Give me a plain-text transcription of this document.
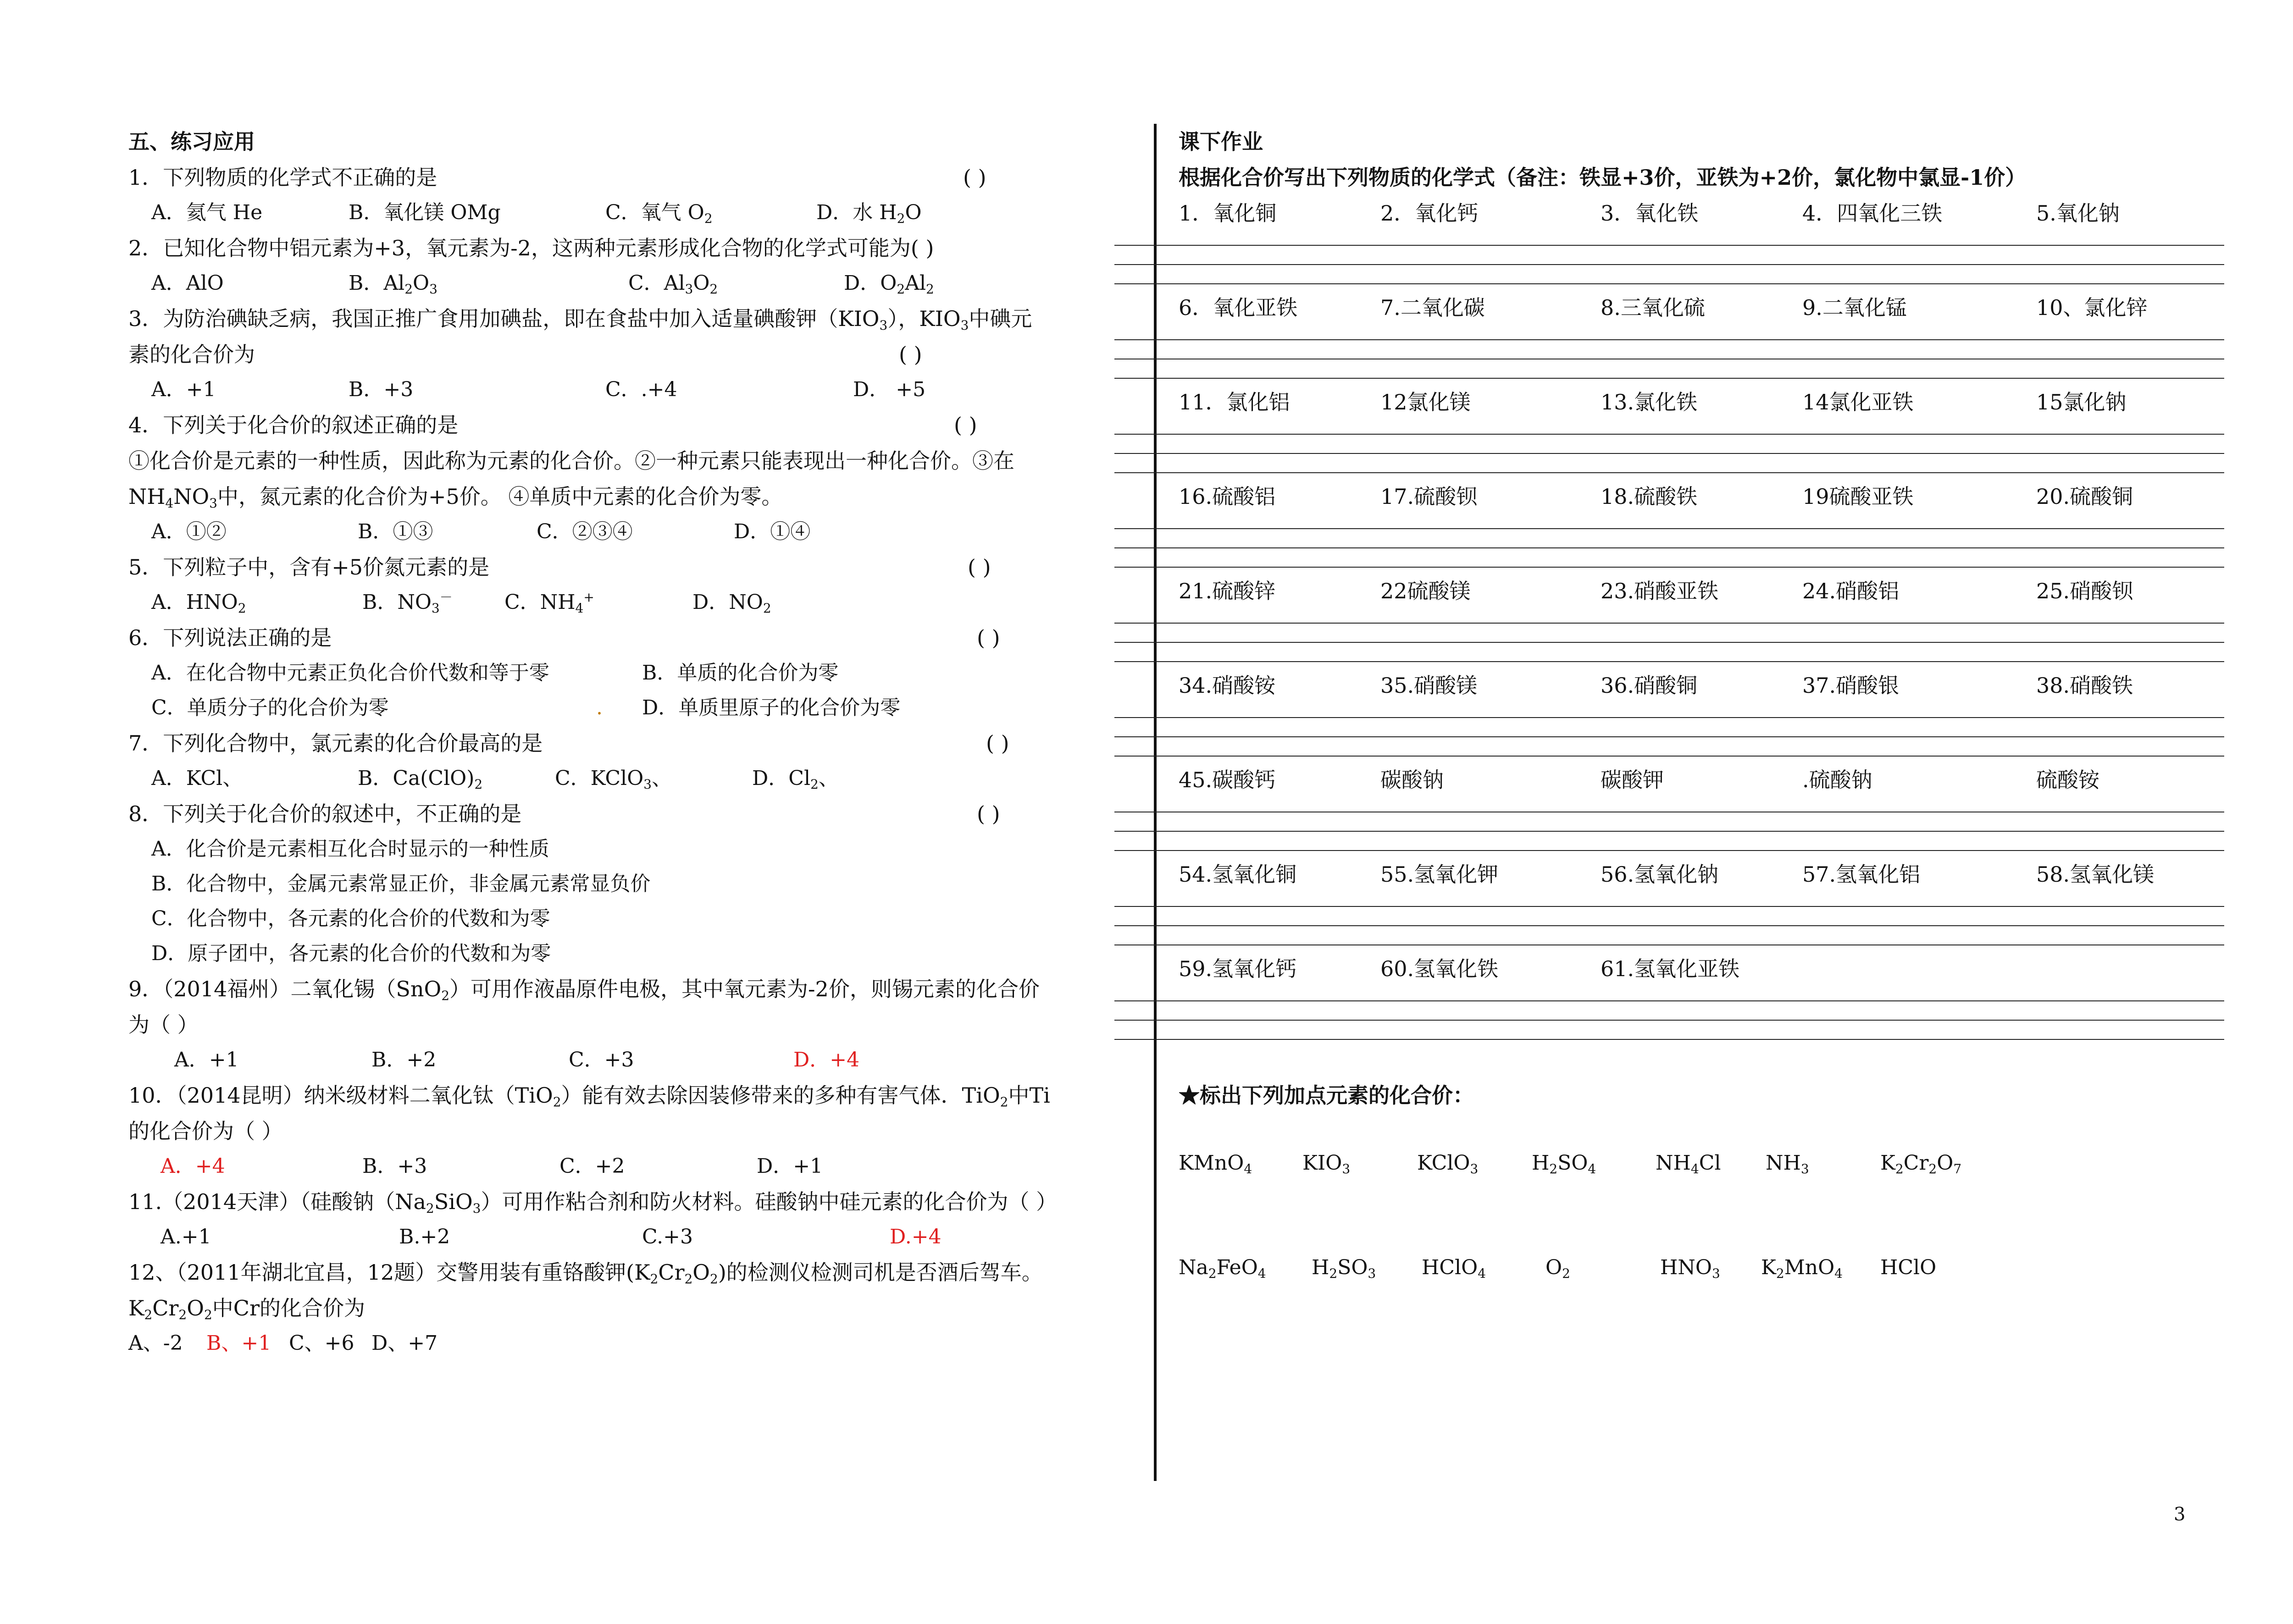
五、练习应用
1．下列物质的化学式不正确的是	( )
A．氦气 He	B．氧化镁 OMg	C．氧气 $O_2$	D．水 $H_2O$
2．已知化合物中铝元素为+3，氧元素为-2，这两种元素形成化合物的化学式可能为( )
A．AlO	B．$Al_2O_3$	C．$Al_3O_2$	D．$O_2Al_2$
3．为防治碘缺乏病，我国正推广食用加碘盐，即在食盐中加入适量碘酸钾$(KIO_3)$，$KIO_3$中碘元
素的化合价为	( )
A．+1	B．+3	C．.+4	D． +5
4．下列关于化合价的叙述正确的是	( )
①化合价是元素的一种性质，因此称为元素的化合价。②一种元素只能表现出一种化合价。③在
$NH_4NO_3$中，氮元素的化合价为+5价。 ④单质中元素的化合价为零。
A．①②	B．①③	C．②③④	D．①④
5．下列粒子中，含有+5价氮元素的是	( )
A．$HNO_2$	B．$NO_3^-$	C．$NH_4^+$	D．$NO_2$
6．下列说法正确的是	( )
A．在化合物中元素正负化合价代数和等于零	B．单质的化合价为零
C．单质分子的化合价为零	. D．单质里原子的化合价为零
7．下列化合物中，氯元素的化合价最高的是	( )
A．KCl、	B．$Ca(ClO)_2$	C．KClO$_3$、	D．$Cl_2$、
8．下列关于化合价的叙述中，不正确的是	( )
A．化合价是元素相互化合时显示的一种性质
B．化合物中，金属元素常显正价，非金属元素常显负价
C．化合物中，各元素的化合价的代数和为零
D．原子团中，各元素的化合价的代数和为零
9．（2014福州）二氧化锡（SnO$_2$）可用作液晶原件电极，其中氧元素为-2价，则锡元素的化合价
为（ ）
A．+1	B．+2	C．+3	D．+4
10．（2014昆明）纳米级材料二氧化钛（TiO$_2$）能有效去除因装修带来的多种有害气体．TiO$_2$中Ti
的化合价为（ ）
A．+4	B．+3	C．+2	D．+1
11.（2014天津）（硅酸钠$(Na_2SiO_3)$可用作粘合剂和防火材料。硅酸钠中硅元素的化合价为（ ）
A.+1	B.+2	C.+3	D.+4
12、（2011年湖北宜昌，12题）交警用装有重铬酸钾$(K_2Cr_2O_2)$的检测仪检测司机是否酒后驾车。
$K_2Cr_2O_2$中Cr的化合价为
A、-2 B、+1 C、+6 D、+7
课下作业
根据化合价写出下列物质的化学式（备注：铁显+3价，亚铁为+2价，氯化物中氯显-1价）
1．氧化铜	2．氧化钙	3．氧化铁	4．四氧化三铁	5.氧化钠
6．氧化亚铁	7.二氧化碳	8.三氧化硫	9.二氧化锰	10、氯化锌
11．氯化铝	12氯化镁	13.氯化铁	14氯化亚铁	15氯化钠
16.硫酸铝	17.硫酸钡	18.硫酸铁	19硫酸亚铁	20.硫酸铜
21.硫酸锌	22硫酸镁	23.硝酸亚铁	24.硝酸铝	25.硝酸钡
34.硝酸铵	35.硝酸镁	36.硝酸铜	37.硝酸银	38.硝酸铁
45.碳酸钙	碳酸钠	碳酸钾	.硫酸钠	硫酸铵
54.氢氧化铜	55.氢氧化钾	56.氢氧化钠	57.氢氧化铝	58.氢氧化镁
59.氢氧化钙	60.氢氧化铁	61.氢氧化亚铁
★标出下列加点元素的化合价：
KMnO$_4$ $KIO_3$	KClO$_3$	$H_2SO_4$	$NH_4Cl$ $NH_3$	$K_2Cr_2O_7$
$Na_2FeO_4$ $H_2SO_3$ HClO$_4$	$O_2$	$HNO_3$ $K_2MnO_4$ HClO
3
